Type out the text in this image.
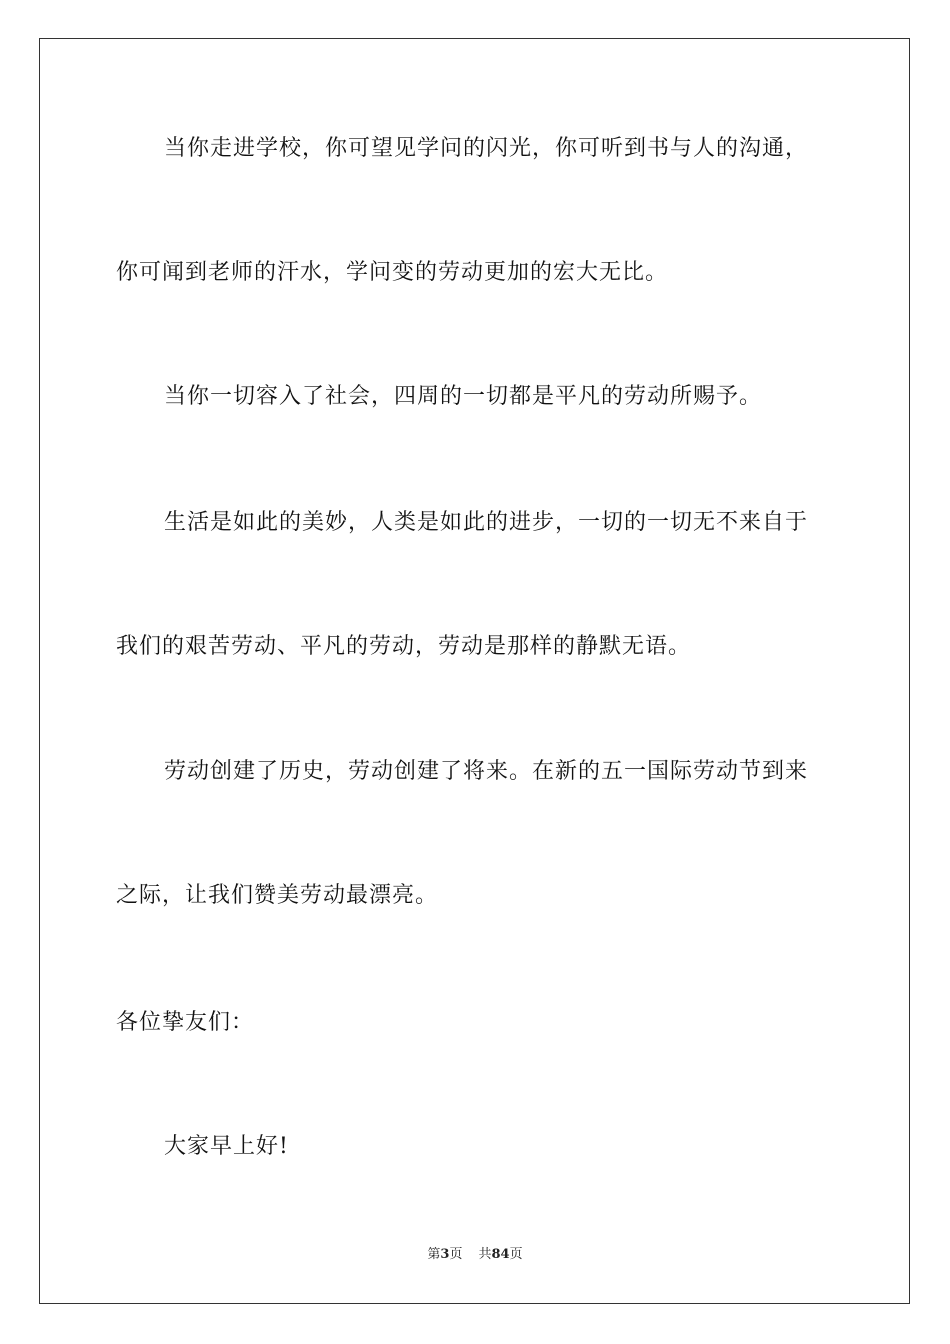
当你走进学校，你可望见学问的闪光，你可听到书与人的沟通，
你可闻到老师的汗水，学问变的劳动更加的宏大无比。
当你一切容入了社会，四周的一切都是平凡的劳动所赐予。
生活是如此的美妙，人类是如此的进步，一切的一切无不来自于
我们的艰苦劳动、平凡的劳动，劳动是那样的静默无语。
劳动创建了历史，劳动创建了将来。在新的五一国际劳动节到来
之际，让我们赞美劳动最漂亮。
各位挚友们：
大家早上好!
第3页 共84页
